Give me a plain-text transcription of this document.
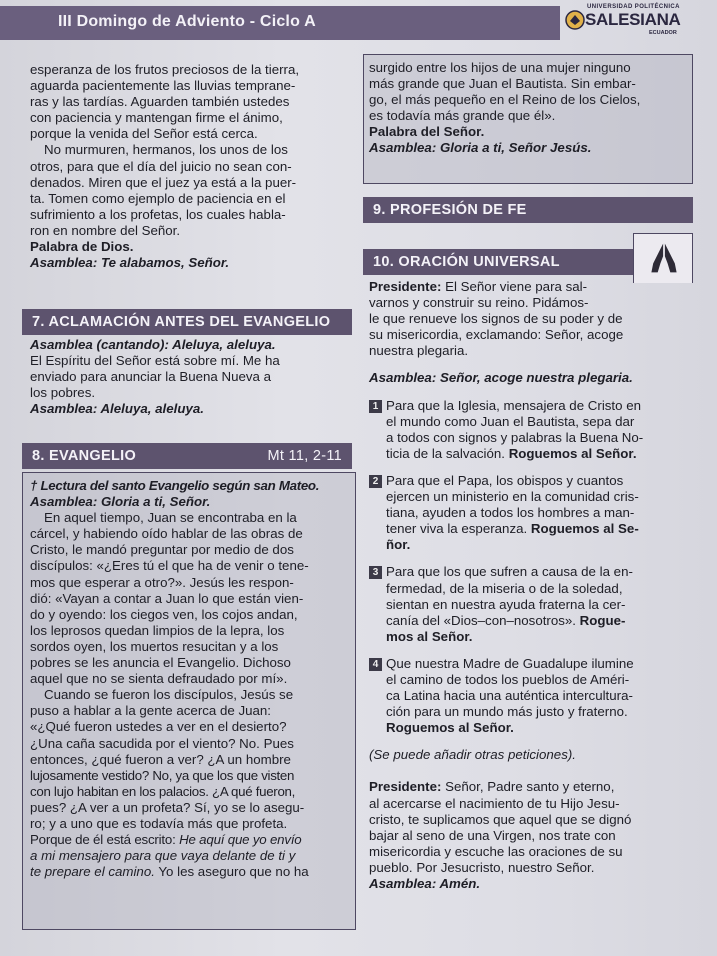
III Domingo de Adviento - Ciclo A
UNIVERSIDAD POLITÉCNICA
SALESIANA
ECUADOR

esperanza de los frutos preciosos de la tierra,

aguarda pacientemente las lluvias temprane-

ras y las tardías. Aguarden también ustedes

con paciencia y mantengan firme el ánimo,

porque la venida del Señor está cerca.

No murmuren, hermanos, los unos de los

otros, para que el día del juicio no sean con-

denados. Miren que el juez ya está a la puer-

ta. Tomen como ejemplo de paciencia en el

sufrimiento a los profetas, los cuales habla-

ron en nombre del Señor.

Palabra de Dios.

Asamblea: Te alabamos, Señor.

7. ACLAMACIÓN ANTES DEL EVANGELIO

Asamblea (cantando): Aleluya, aleluya.

El Espíritu del Señor está sobre mí. Me ha

enviado para anunciar la Buena Nueva a

los pobres.

Asamblea: Aleluya, aleluya.

8. EVANGELIO	Mt 11, 2-11

† Lectura del santo Evangelio según san Mateo.

Asamblea: Gloria a ti, Señor.

En aquel tiempo, Juan se encontraba en la

cárcel, y habiendo oído hablar de las obras de

Cristo, le mandó preguntar por medio de dos

discípulos: «¿Eres tú el que ha de venir o tene-

mos que esperar a otro?». Jesús les respon-

dió: «Vayan a contar a Juan lo que están vien-

do y oyendo: los ciegos ven, los cojos andan,

los leprosos quedan limpios de la lepra, los

sordos oyen, los muertos resucitan y a los

pobres se les anuncia el Evangelio. Dichoso

aquel que no se sienta defraudado por mí».

Cuando se fueron los discípulos, Jesús se

puso a hablar a la gente acerca de Juan:

«¿Qué fueron ustedes a ver en el desierto?

¿Una caña sacudida por el viento? No. Pues

entonces, ¿qué fueron a ver? ¿A un hombre

lujosamente vestido? No, ya que los que visten

con lujo habitan en los palacios. ¿A qué fueron,

pues? ¿A ver a un profeta? Sí, yo se lo asegu-

ro; y a uno que es todavía más que profeta.

Porque de él está escrito: He aquí que yo envío

a mi mensajero para que vaya delante de ti y

te prepare el camino. Yo les aseguro que no ha

surgido entre los hijos de una mujer ninguno

más grande que Juan el Bautista. Sin embar-

go, el más pequeño en el Reino de los Cielos,

es todavía más grande que él».

Palabra del Señor.

Asamblea: Gloria a ti, Señor Jesús.

9. PROFESIÓN DE FE
10. ORACIÓN UNIVERSAL

Presidente: El Señor viene para sal-

varnos y construir su reino. Pidámos-

le que renueve los signos de su poder y de

su misericordia, exclamando: Señor, acoge

nuestra plegaria.

Asamblea: Señor, acoge nuestra plegaria.

1 Para que la Iglesia, mensajera de Cristo en

el mundo como Juan el Bautista, sepa dar

a todos con signos y palabras la Buena No-

ticia de la salvación. Roguemos al Señor.

2 Para que el Papa, los obispos y cuantos

ejercen un ministerio en la comunidad cris-

tiana, ayuden a todos los hombres a man-

tener viva la esperanza. Roguemos al Se-

ñor.

3 Para que los que sufren a causa de la en-

fermedad, de la miseria o de la soledad,

sientan en nuestra ayuda fraterna la cer-

canía del «Dios–con–nosotros». Rogue-

mos al Señor.

4 Que nuestra Madre de Guadalupe ilumine

el camino de todos los pueblos de Améri-

ca Latina hacia una auténtica intercultura-

ción para un mundo más justo y fraterno.

Roguemos al Señor.

(Se puede añadir otras peticiones).

Presidente: Señor, Padre santo y eterno,

al acercarse el nacimiento de tu Hijo Jesu-

cristo, te suplicamos que aquel que se dignó

bajar al seno de una Virgen, nos trate con

misericordia y escuche las oraciones de su

pueblo. Por Jesucristo, nuestro Señor.

Asamblea: Amén.
